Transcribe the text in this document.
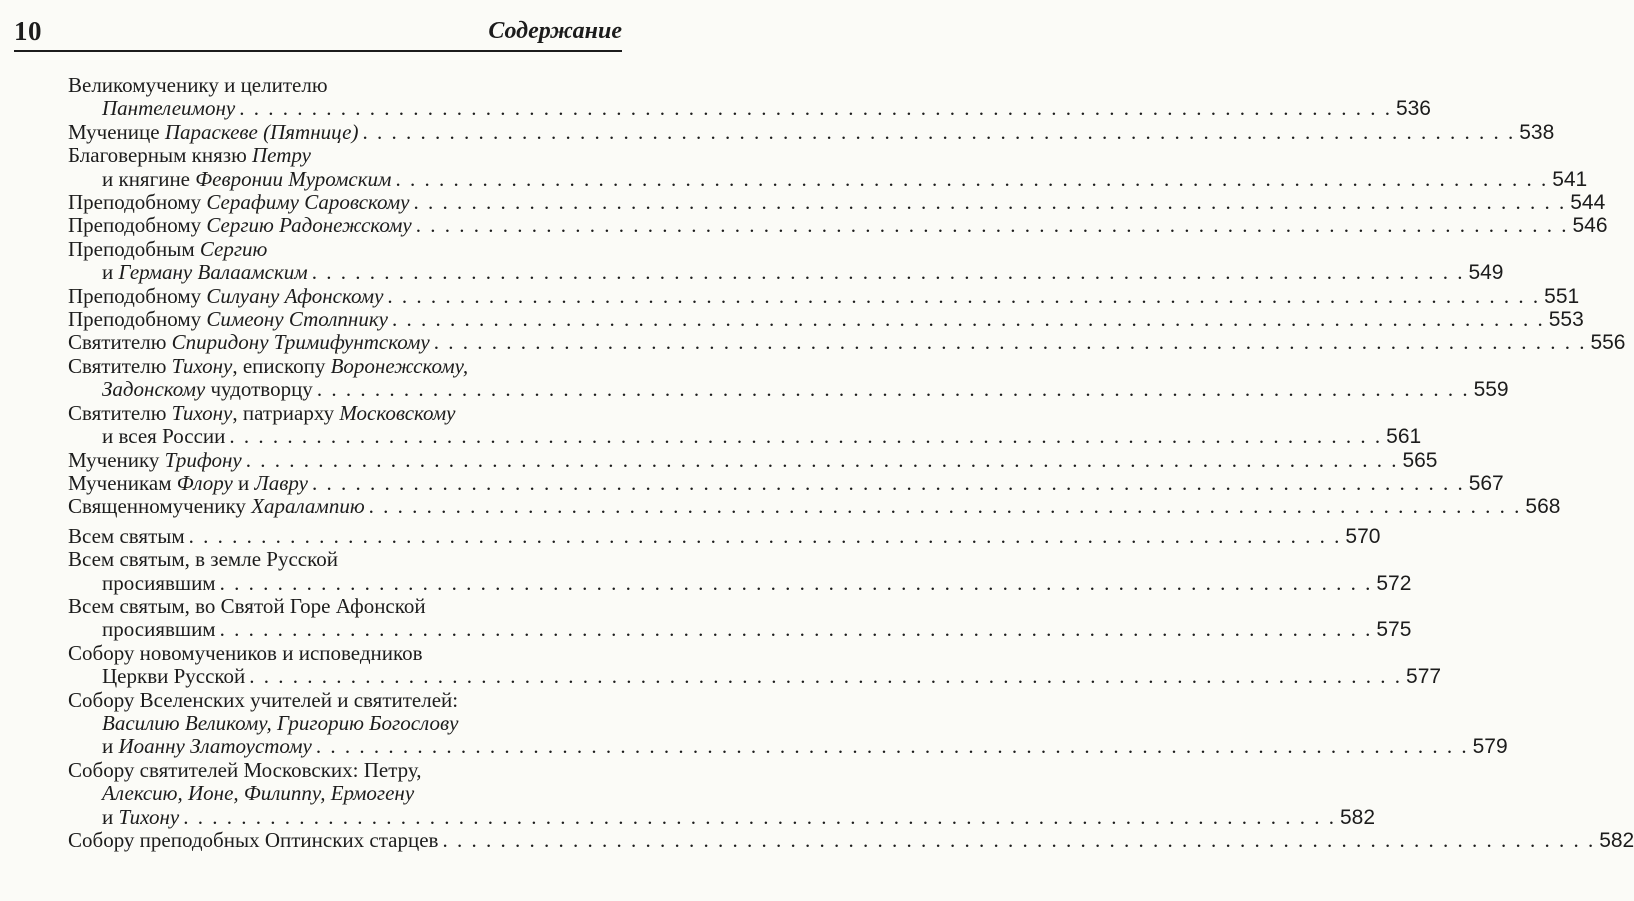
10	Содержание
Великомученику и целителю
Пантелеимону . . . . . . . . . . . . . . . . . . . . . . . . . . . . . . . . . . . . . . . . . . . . . . . . . . . . . . . . . . . . . . . . . . . . . . . . . . . . . . . . 536
Мученице Параскеве (Пятнице) . . . . . . . . . . . . . . . . . . . . . . . . . . . . . . . . . . . . . . . . . . . . . . . . . . . . . . . . . . . . . . . . . . . . . . . . . . . . . . . . 538
Благоверным князю Петру
и княгине Февронии Муромским . . . . . . . . . . . . . . . . . . . . . . . . . . . . . . . . . . . . . . . . . . . . . . . . . . . . . . . . . . . . . . . . . . . . . . . . . . . . . . . . 541
Преподобному Серафиму Саровскому . . . . . . . . . . . . . . . . . . . . . . . . . . . . . . . . . . . . . . . . . . . . . . . . . . . . . . . . . . . . . . . . . . . . . . . . . . . . . . . . 544
Преподобному Сергию Радонежскому . . . . . . . . . . . . . . . . . . . . . . . . . . . . . . . . . . . . . . . . . . . . . . . . . . . . . . . . . . . . . . . . . . . . . . . . . . . . . . . . 546
Преподобным Сергию
и Герману Валаамским . . . . . . . . . . . . . . . . . . . . . . . . . . . . . . . . . . . . . . . . . . . . . . . . . . . . . . . . . . . . . . . . . . . . . . . . . . . . . . . . 549
Преподобному Силуану Афонскому . . . . . . . . . . . . . . . . . . . . . . . . . . . . . . . . . . . . . . . . . . . . . . . . . . . . . . . . . . . . . . . . . . . . . . . . . . . . . . . . 551
Преподобному Симеону Столпнику . . . . . . . . . . . . . . . . . . . . . . . . . . . . . . . . . . . . . . . . . . . . . . . . . . . . . . . . . . . . . . . . . . . . . . . . . . . . . . . . 553
Святителю Спиридону Тримифунтскому . . . . . . . . . . . . . . . . . . . . . . . . . . . . . . . . . . . . . . . . . . . . . . . . . . . . . . . . . . . . . . . . . . . . . . . . . . . . . . . . 556
Святителю Тихону, епископу Воронежскому,
Задонскому чудотворцу . . . . . . . . . . . . . . . . . . . . . . . . . . . . . . . . . . . . . . . . . . . . . . . . . . . . . . . . . . . . . . . . . . . . . . . . . . . . . . . . 559
Святителю Тихону, патриарху Московскому
и всея России . . . . . . . . . . . . . . . . . . . . . . . . . . . . . . . . . . . . . . . . . . . . . . . . . . . . . . . . . . . . . . . . . . . . . . . . . . . . . . . . 561
Мученику Трифону . . . . . . . . . . . . . . . . . . . . . . . . . . . . . . . . . . . . . . . . . . . . . . . . . . . . . . . . . . . . . . . . . . . . . . . . . . . . . . . . 565
Мученикам Флору и Лавру . . . . . . . . . . . . . . . . . . . . . . . . . . . . . . . . . . . . . . . . . . . . . . . . . . . . . . . . . . . . . . . . . . . . . . . . . . . . . . . . 567
Священномученику Харалампию . . . . . . . . . . . . . . . . . . . . . . . . . . . . . . . . . . . . . . . . . . . . . . . . . . . . . . . . . . . . . . . . . . . . . . . . . . . . . . . . 568
Всем святым . . . . . . . . . . . . . . . . . . . . . . . . . . . . . . . . . . . . . . . . . . . . . . . . . . . . . . . . . . . . . . . . . . . . . . . . . . . . . . . . 570
Всем святым, в земле Русской
просиявшим . . . . . . . . . . . . . . . . . . . . . . . . . . . . . . . . . . . . . . . . . . . . . . . . . . . . . . . . . . . . . . . . . . . . . . . . . . . . . . . . 572
Всем святым, во Святой Горе Афонской
просиявшим . . . . . . . . . . . . . . . . . . . . . . . . . . . . . . . . . . . . . . . . . . . . . . . . . . . . . . . . . . . . . . . . . . . . . . . . . . . . . . . . 575
Собору новомучеников и исповедников
Церкви Русской . . . . . . . . . . . . . . . . . . . . . . . . . . . . . . . . . . . . . . . . . . . . . . . . . . . . . . . . . . . . . . . . . . . . . . . . . . . . . . . . 577
Собору Вселенских учителей и святителей:
Василию Великому, Григорию Богослову
и Иоанну Златоустому . . . . . . . . . . . . . . . . . . . . . . . . . . . . . . . . . . . . . . . . . . . . . . . . . . . . . . . . . . . . . . . . . . . . . . . . . . . . . . . . 579
Собору святителей Московских: Петру,
Алексию, Ионе, Филиппу, Ермогену
и Тихону . . . . . . . . . . . . . . . . . . . . . . . . . . . . . . . . . . . . . . . . . . . . . . . . . . . . . . . . . . . . . . . . . . . . . . . . . . . . . . . . 582
Собору преподобных Оптинских старцев . . . . . . . . . . . . . . . . . . . . . . . . . . . . . . . . . . . . . . . . . . . . . . . . . . . . . . . . . . . . . . . . . . . . . . . . . . . . . . . . 582
